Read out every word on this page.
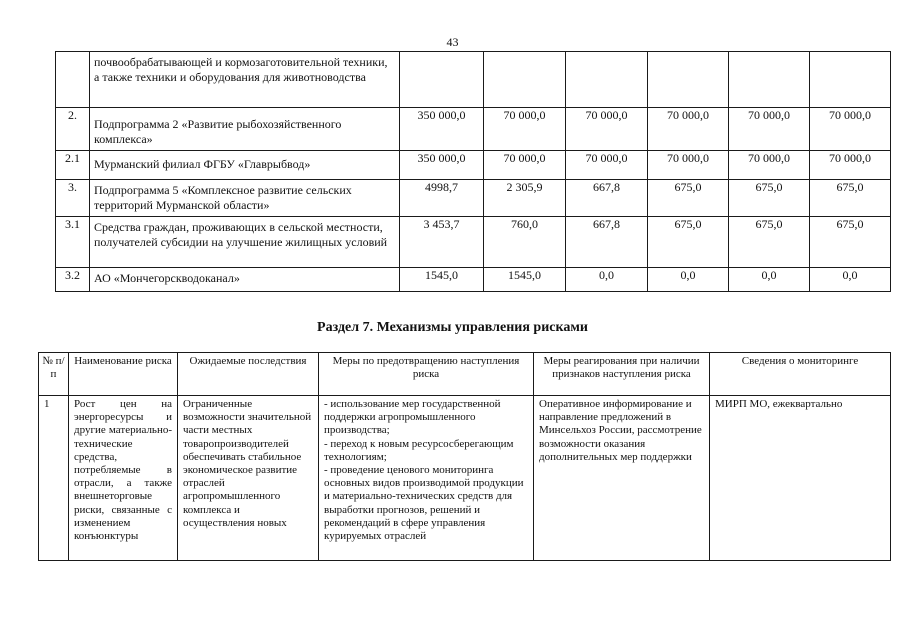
43
	почвообрабатывающей и кормозаготовительной техники, а также техники и оборудования для животноводства						
2.	Подпрограмма 2 «Развитие рыбохозяйственного комплекса»	350 000,0	70 000,0	70 000,0	70 000,0	70 000,0	70 000,0
2.1	Мурманский филиал ФГБУ «Главрыбвод»	350 000,0	70 000,0	70 000,0	70 000,0	70 000,0	70 000,0
3.	Подпрограмма 5 «Комплексное развитие сельских территорий Мурманской области»	4998,7	2 305,9	667,8	675,0	675,0	675,0
3.1	Средства граждан, проживающих в сельской местности, получателей субсидии на улучшение жилищных условий	3 453,7	760,0	667,8	675,0	675,0	675,0
3.2	АО «Мончегорскводоканал»	1545,0	1545,0	0,0	0,0	0,0	0,0
Раздел 7. Механизмы управления рисками
№ п/п	Наименование риска	Ожидаемые последствия	Меры по предотвращению наступления риска	Меры реагирования при наличии признаков наступления риска	Сведения о мониторинге
1	Рост цен на энергоресурсы и другие материально-технические средства, потребляемые в отрасли, а также внешнеторговые риски, связанные с изменением конъюнктуры	Ограниченные возможности значительной части местных товаропроизводителей обеспечивать стабильное экономическое развитие отраслей агропромышленного комплекса и осуществления новых	- использование мер государственной поддержки агропромышленного производства;
- переход к новым ресурсосберегающим технологиям;
- проведение ценового мониторинга основных видов производимой продукции и материально-технических средств для выработки прогнозов, решений и рекомендаций в сфере управления курируемых отраслей	Оперативное информирование и направление предложений в Минсельхоз России, рассмотрение возможности оказания дополнительных мер поддержки	МИРП МО, ежеквартально
